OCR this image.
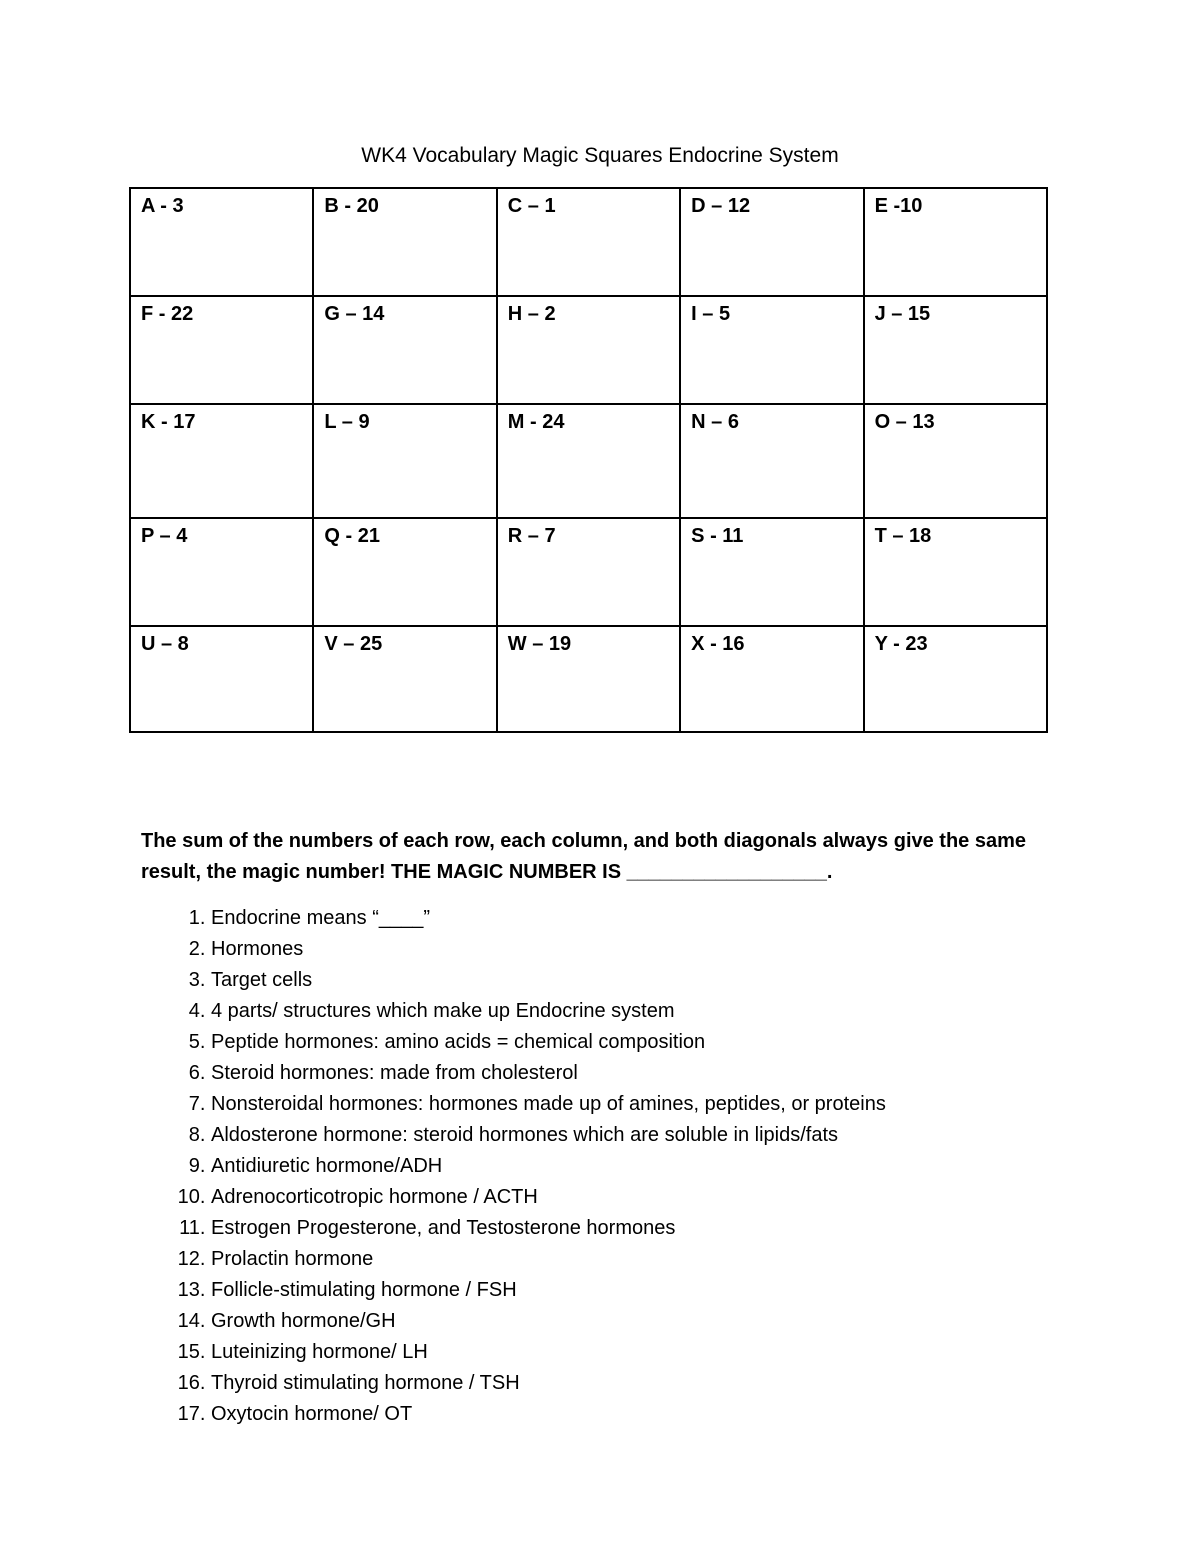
WK4 Vocabulary Magic Squares Endocrine System
A - 3	B - 20	C – 1	D – 12	E -10
F - 22	G – 14	H – 2	I – 5	J – 15
K - 17	L – 9	M - 24	N – 6	O – 13
P – 4	Q - 21	R – 7	S - 11	T – 18
U – 8	V – 25	W – 19	X - 16	Y - 23
The sum of the numbers of each row, each column, and both diagonals always give the same result, the magic number! THE MAGIC NUMBER IS __________________.
1. Endocrine means “____”
2. Hormones
3. Target cells
4. 4 parts/ structures which make up Endocrine system
5. Peptide hormones: amino acids = chemical composition
6. Steroid hormones: made from cholesterol
7. Nonsteroidal hormones: hormones made up of amines, peptides, or proteins
8. Aldosterone hormone: steroid hormones which are soluble in lipids/fats
9. Antidiuretic hormone/ADH
10. Adrenocorticotropic hormone / ACTH
11. Estrogen Progesterone, and Testosterone hormones
12. Prolactin hormone
13. Follicle-stimulating hormone / FSH
14. Growth hormone/GH
15. Luteinizing hormone/ LH
16. Thyroid stimulating hormone / TSH
17. Oxytocin hormone/ OT
